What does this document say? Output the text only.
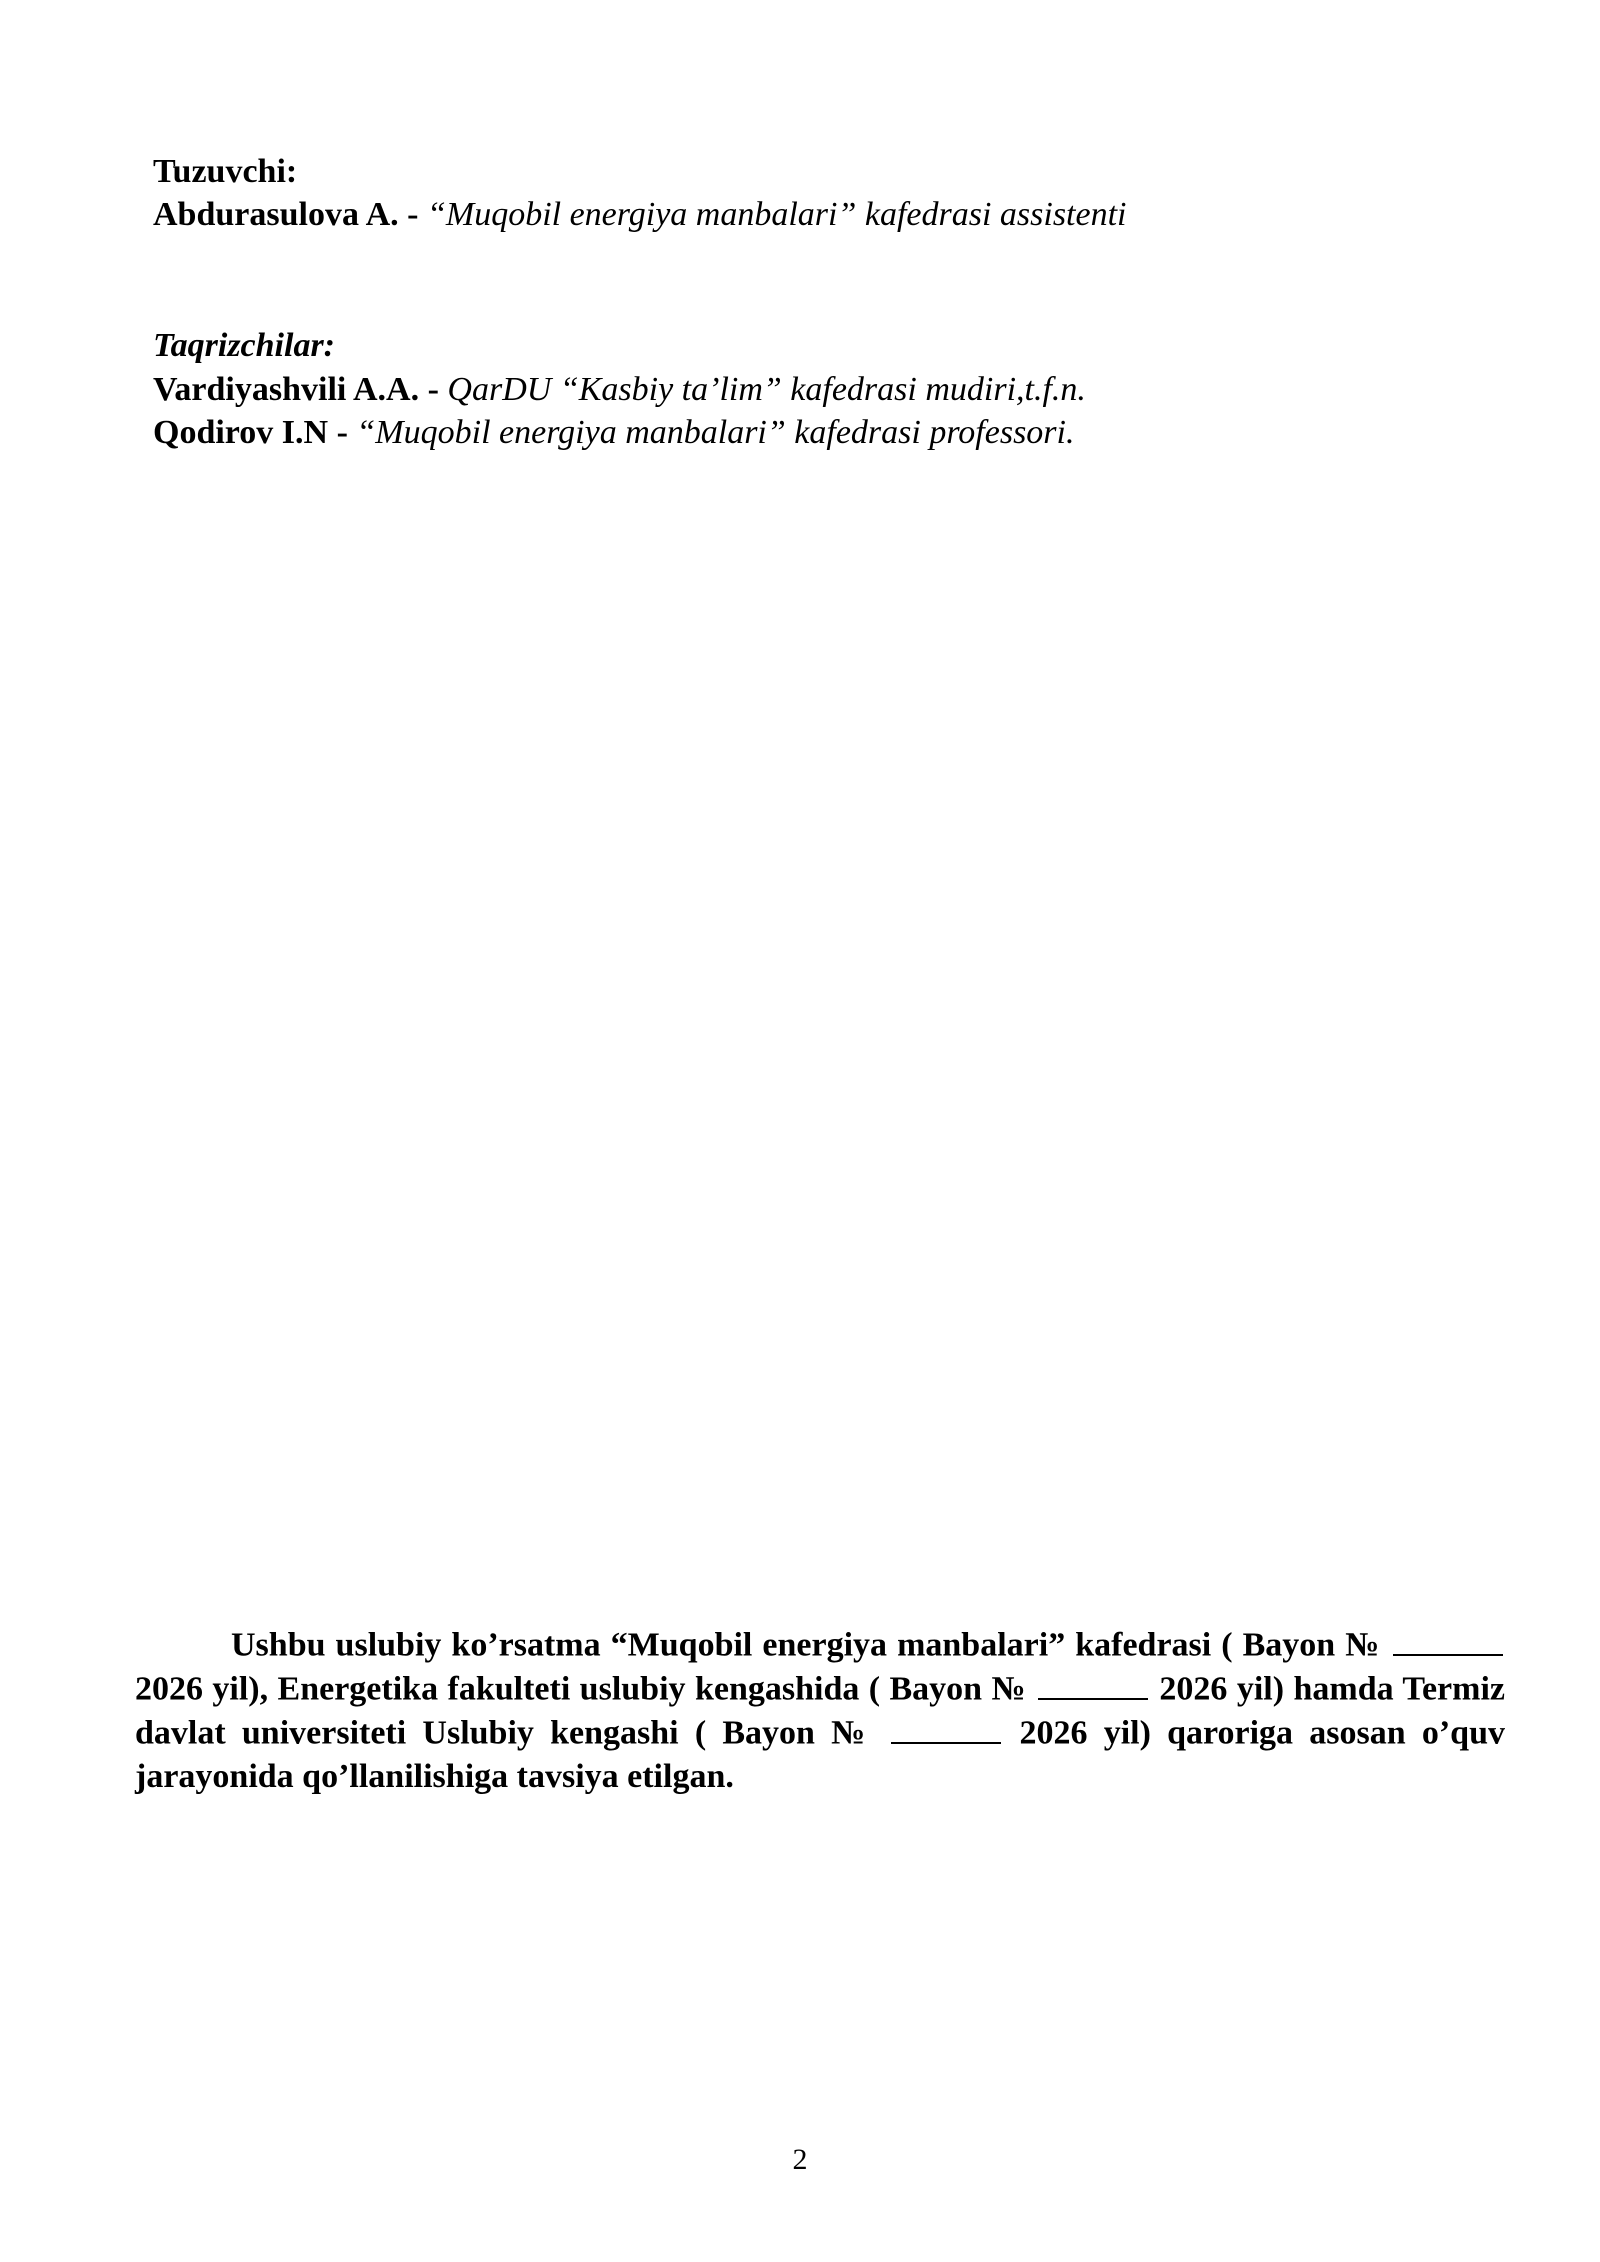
Tuzuvchi:
Abdurasulova A. - “Muqobil energiya manbalari” kafedrasi assistenti
Taqrizchilar:
Vardiyashvili A.A. - QarDU “Kasbiy ta’lim” kafedrasi mudiri,t.f.n.
Qodirov I.N - “Muqobil energiya manbalari” kafedrasi professori.

Ushbu uslubiy ko’rsatma “Muqobil energiya manbalari” kafedrasi ( Bayon №  2026 yil), Energetika fakulteti uslubiy kengashida ( Bayon №	2026 yil) hamda Termiz davlat universiteti Uslubiy kengashi ( Bayon №	2026 yil) qaroriga asosan o’quv jarayonida qo’llanilishiga tavsiya etilgan.

2
